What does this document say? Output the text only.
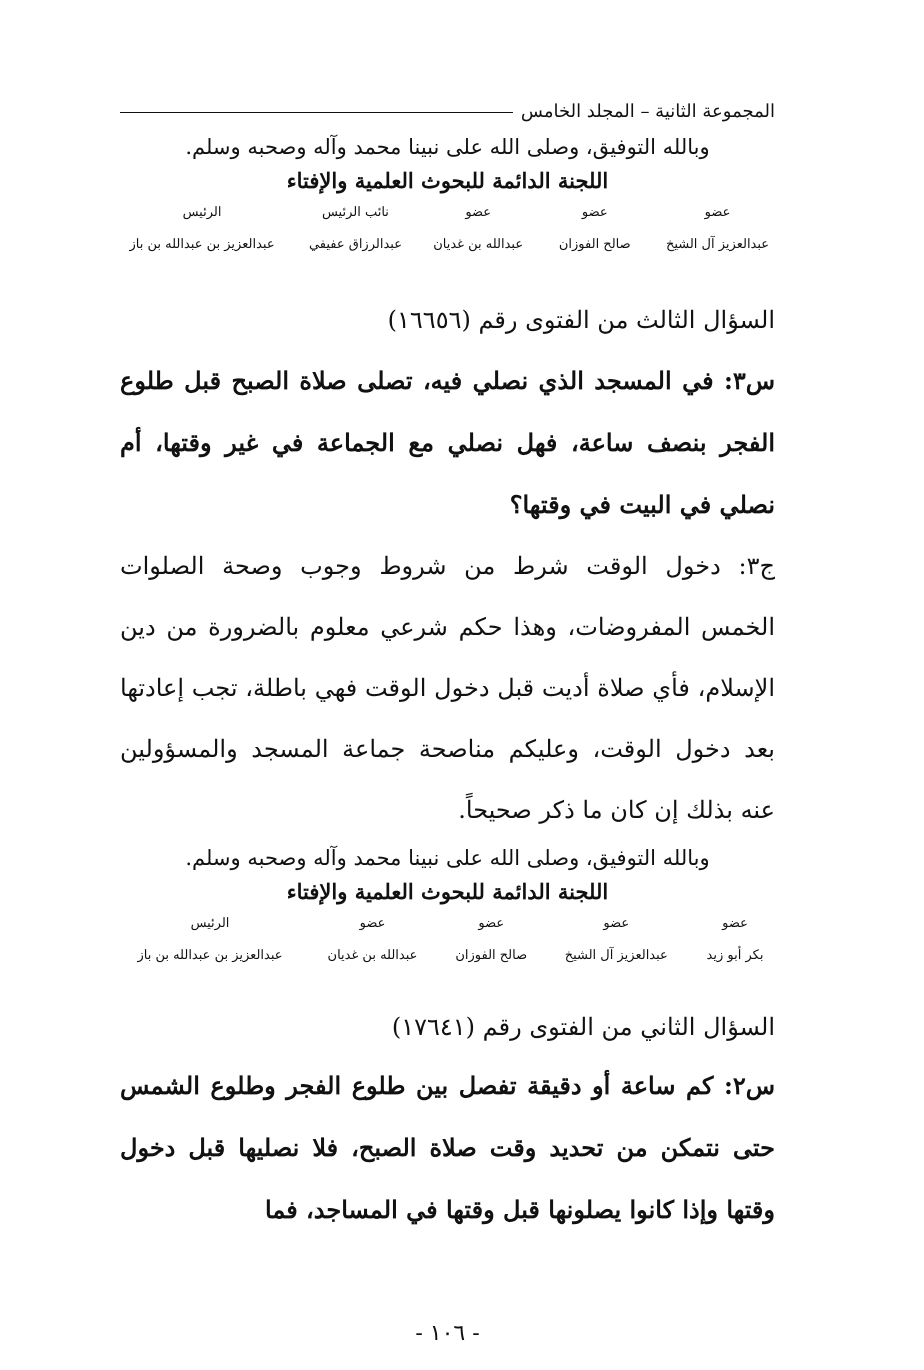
المجموعة الثانية – المجلد الخامس
وبالله التوفيق، وصلى الله على نبينا محمد وآله وصحبه وسلم.
اللجنة الدائمة للبحوث العلمية والإفتاء
عضو
عضو
عضو
نائب الرئيس
الرئيس
عبدالعزيز آل الشيخ
صالح الفوزان
عبدالله بن غديان
عبدالرزاق عفيفي
عبدالعزيز بن عبدالله بن باز
السؤال الثالث من الفتوى رقم (١٦٦٥٦)
س٣: في المسجد الذي نصلي فيه، تصلى صلاة الصبح قبل طلوع الفجر بنصف ساعة، فهل نصلي مع الجماعة في غير وقتها، أم نصلي في البيت في وقتها؟
ج٣: دخول الوقت شرط من شروط وجوب وصحة الصلوات الخمس المفروضات، وهذا حكم شرعي معلوم بالضرورة من دين الإسلام، فأي صلاة أديت قبل دخول الوقت فهي باطلة، تجب إعادتها بعد دخول الوقت، وعليكم مناصحة جماعة المسجد والمسؤولين عنه بذلك إن كان ما ذكر صحيحاً.
وبالله التوفيق، وصلى الله على نبينا محمد وآله وصحبه وسلم.
اللجنة الدائمة للبحوث العلمية والإفتاء
عضو
عضو
عضو
عضو
الرئيس
بكر أبو زيد
عبدالعزيز آل الشيخ
صالح الفوزان
عبدالله بن غديان
عبدالعزيز بن عبدالله بن باز
السؤال الثاني من الفتوى رقم (١٧٦٤١)
س٢: كم ساعة أو دقيقة تفصل بين طلوع الفجر وطلوع الشمس حتى نتمكن من تحديد وقت صلاة الصبح، فلا نصليها قبل دخول وقتها وإذا كانوا يصلونها قبل وقتها في المساجد، فما
- ١٠٦ -
